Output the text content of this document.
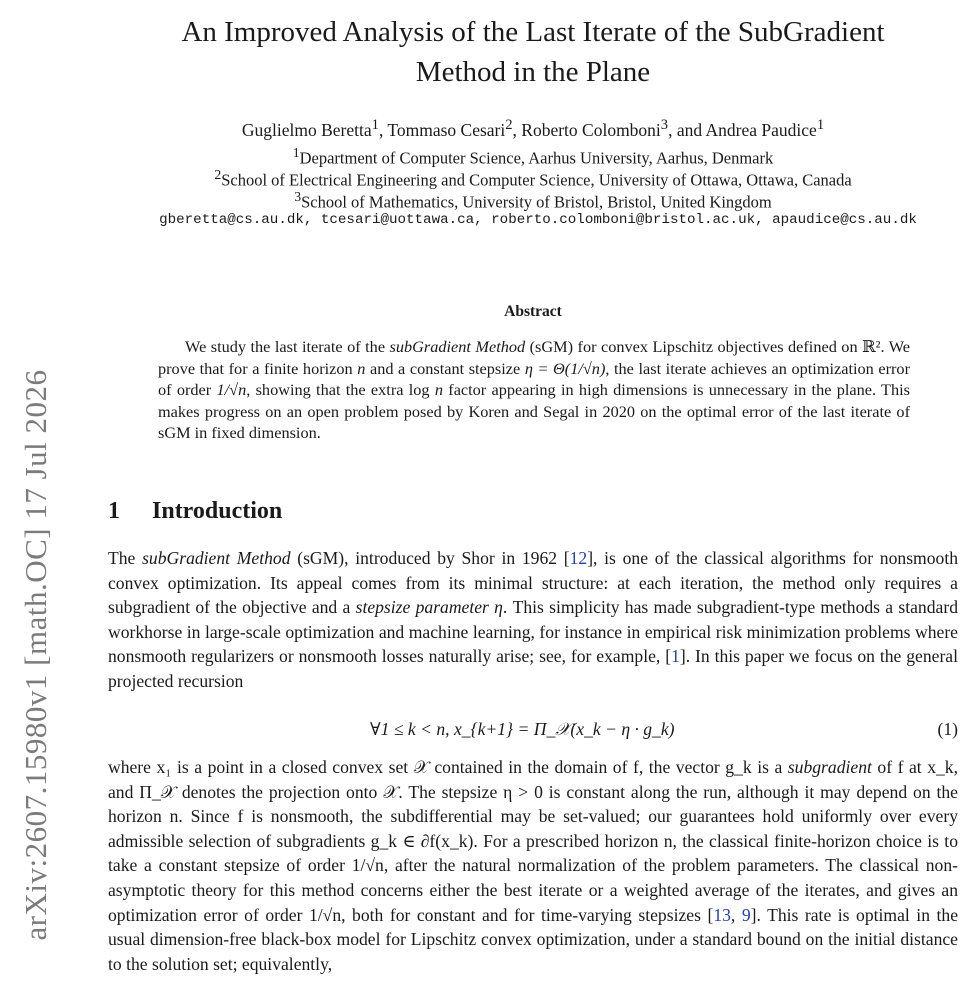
arXiv:2607.15980v1 [math.OC] 17 Jul 2026
An Improved Analysis of the Last Iterate of the SubGradient
Method in the Plane
Guglielmo Beretta$^1$, Tommaso Cesari$^2$, Roberto Colomboni$^3$, and Andrea Paudice$^1$
$^1$Department of Computer Science, Aarhus University, Aarhus, Denmark
$^2$School of Electrical Engineering and Computer Science, University of Ottawa, Ottawa, Canada
$^3$School of Mathematics, University of Bristol, Bristol, United Kingdom
gberetta@cs.au.dk, tcesari@uottawa.ca, roberto.colomboni@bristol.ac.uk, apaudice@cs.au.dk
Abstract
We study the last iterate of the subGradient Method (sGM) for convex Lipschitz objectives defined on ℝ². We prove that for a finite horizon n and a constant stepsize η = Θ(1/√n), the last iterate achieves an optimization error of order 1/√n, showing that the extra log n factor appearing in high dimensions is unnecessary in the plane. This makes progress on an open problem posed by Koren and Segal in 2020 on the optimal error of the last iterate of sGM in fixed dimension.
1 Introduction
The subGradient Method (sGM), introduced by Shor in 1962 [12], is one of the classical algorithms for nonsmooth convex optimization. Its appeal comes from its minimal structure: at each iteration, the method only requires a subgradient of the objective and a stepsize parameter η. This simplicity has made subgradient-type methods a standard workhorse in large-scale optimization and machine learning, for instance in empirical risk minimization problems where nonsmooth regularizers or nonsmooth losses naturally arise; see, for example, [1]. In this paper we focus on the general projected recursion
∀1 ≤ k < n, x_{k+1} = Π_𝒳(x_k − η · g_k)	(1)
where x₁ is a point in a closed convex set 𝒳 contained in the domain of f, the vector g_k is a subgradient of f at x_k, and Π_𝒳 denotes the projection onto 𝒳. The stepsize η > 0 is constant along the run, although it may depend on the horizon n. Since f is nonsmooth, the subdifferential may be set-valued; our guarantees hold uniformly over every admissible selection of subgradients g_k ∈ ∂f(x_k). For a prescribed horizon n, the classical finite-horizon choice is to take a constant stepsize of order 1/√n, after the natural normalization of the problem parameters. The classical non-asymptotic theory for this method concerns either the best iterate or a weighted average of the iterates, and gives an optimization error of order 1/√n, both for constant and for time-varying stepsizes [13, 9]. This rate is optimal in the usual dimension-free black-box model for Lipschitz convex optimization, under a standard bound on the initial distance to the solution set; equivalently,
